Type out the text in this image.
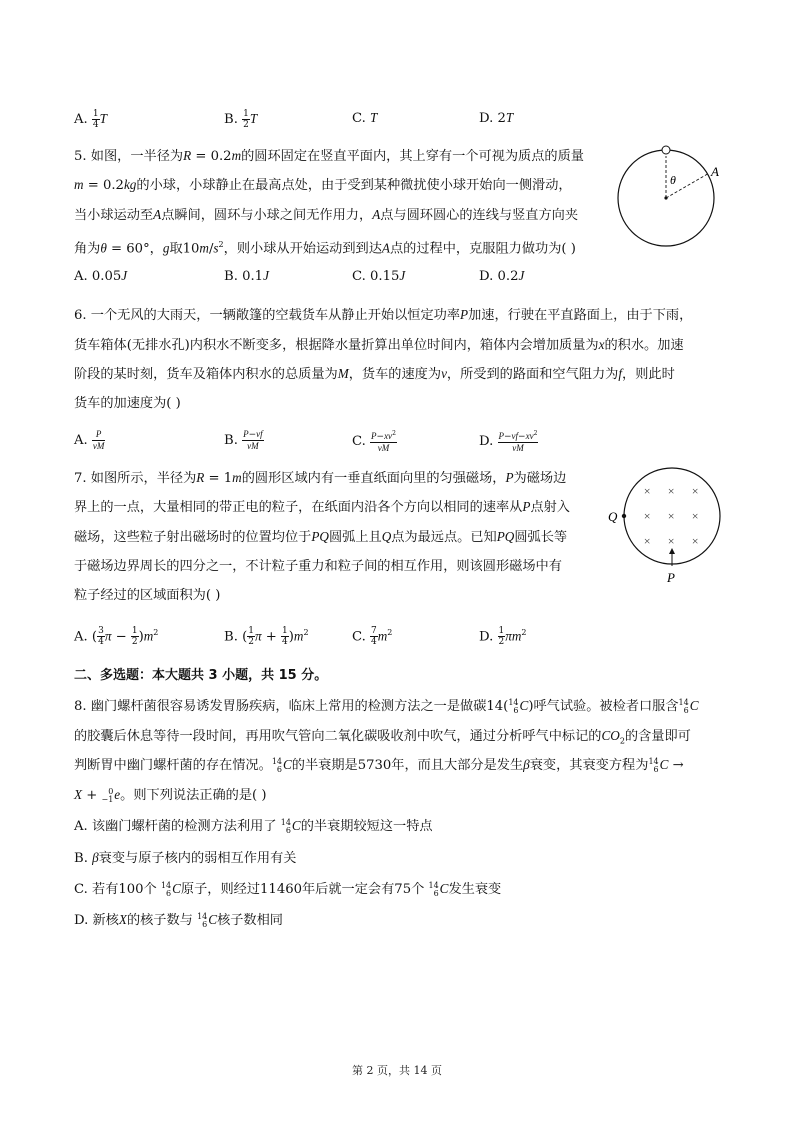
A. $\frac{1}{4}$ T	B. $\frac{1}{2}$ T	C. T	D. 2T
5. 如图，一半径为R = 0.2m的圆环固定在竖直平面内，其上穿有一个可视为质点的质量
m = 0.2kg的小球，小球静止在最高点处，由于受到某种微扰使小球开始向一侧滑动，
当小球运动至A点瞬间，圆环与小球之间无作用力，A点与圆环圆心的连线与竖直方向夹
角为θ = 60°，g取$10m/s^2$，则小球从开始运动到到达A点的过程中，克服阻力做功为( )
A. 0.05J	B. 0.1J	C. 0.15J	D. 0.2J
θ
A
6. 一个无风的大雨天，一辆敞篷的空载货车从静止开始以恒定功率P加速，行驶在平直路面上，由于下雨，
货车箱体(无排水孔)内积水不断变多，根据降水量折算出单位时间内，箱体内会增加质量为x的积水。加速
阶段的某时刻，货车及箱体内积水的总质量为M，货车的速度为v，所受到的路面和空气阻力为f，则此时
货车的加速度为( )
A. $\frac{P}{vM}$	B. $\frac{P-vf}{vM}$	C. $\frac{P-xv^2}{vM}$	D. $\frac{P-vf-xv^2}{vM}$
7. 如图所示，半径为R = 1m的圆形区域内有一垂直纸面向里的匀强磁场，P为磁场边
界上的一点，大量相同的带正电的粒子，在纸面内沿各个方向以相同的速率从P点射入
磁场，这些粒子射出磁场时的位置均位于PQ圆弧上且Q点为最远点。已知PQ圆弧长等
于磁场边界周长的四分之一，不计粒子重力和粒子间的相互作用，则该圆形磁场中有
粒子经过的区域面积为( )
A. ( $\frac{3}{4}$ $\pi - \frac{1}{2} )m^2$	B. ( $\frac{1}{2}$ $\pi + \frac{1}{4} )m^2$	C. $\frac{7}{4} m^2$	D. $\frac{1}{2} \pi m^2$
Q
× × ×
× × ×
× × ×
P
二、多选题：本大题共 3 小题，共 15 分。
8. 幽门螺杆菌很容易诱发胃肠疾病，临床上常用的检测方法之一是做碳14( 14
6 C)呼气试验。被检者口服含 14
6 C
的胶囊后休息等待一段时间，再用吹气管向二氧化碳吸收剂中吹气，通过分析呼气中标记的$CO_2$的含量即可
判断胃中幽门螺杆菌的存在情况。 14
6 C的半衰期是5730年，而且大部分是发生β衰变，其衰变方程为 14
6 C →
X + 0
−1 e。则下列说法正确的是( )
A. 该幽门螺杆菌的检测方法利用了 14
6 C的半衰期较短这一特点
B. β衰变与原子核内的弱相互作用有关
C. 若有100个 14
6 C原子，则经过11460年后就一定会有75个 14
6 C发生衰变
D. 新核X的核子数与 14
6 C核子数相同
第 2 页，共 14 页
